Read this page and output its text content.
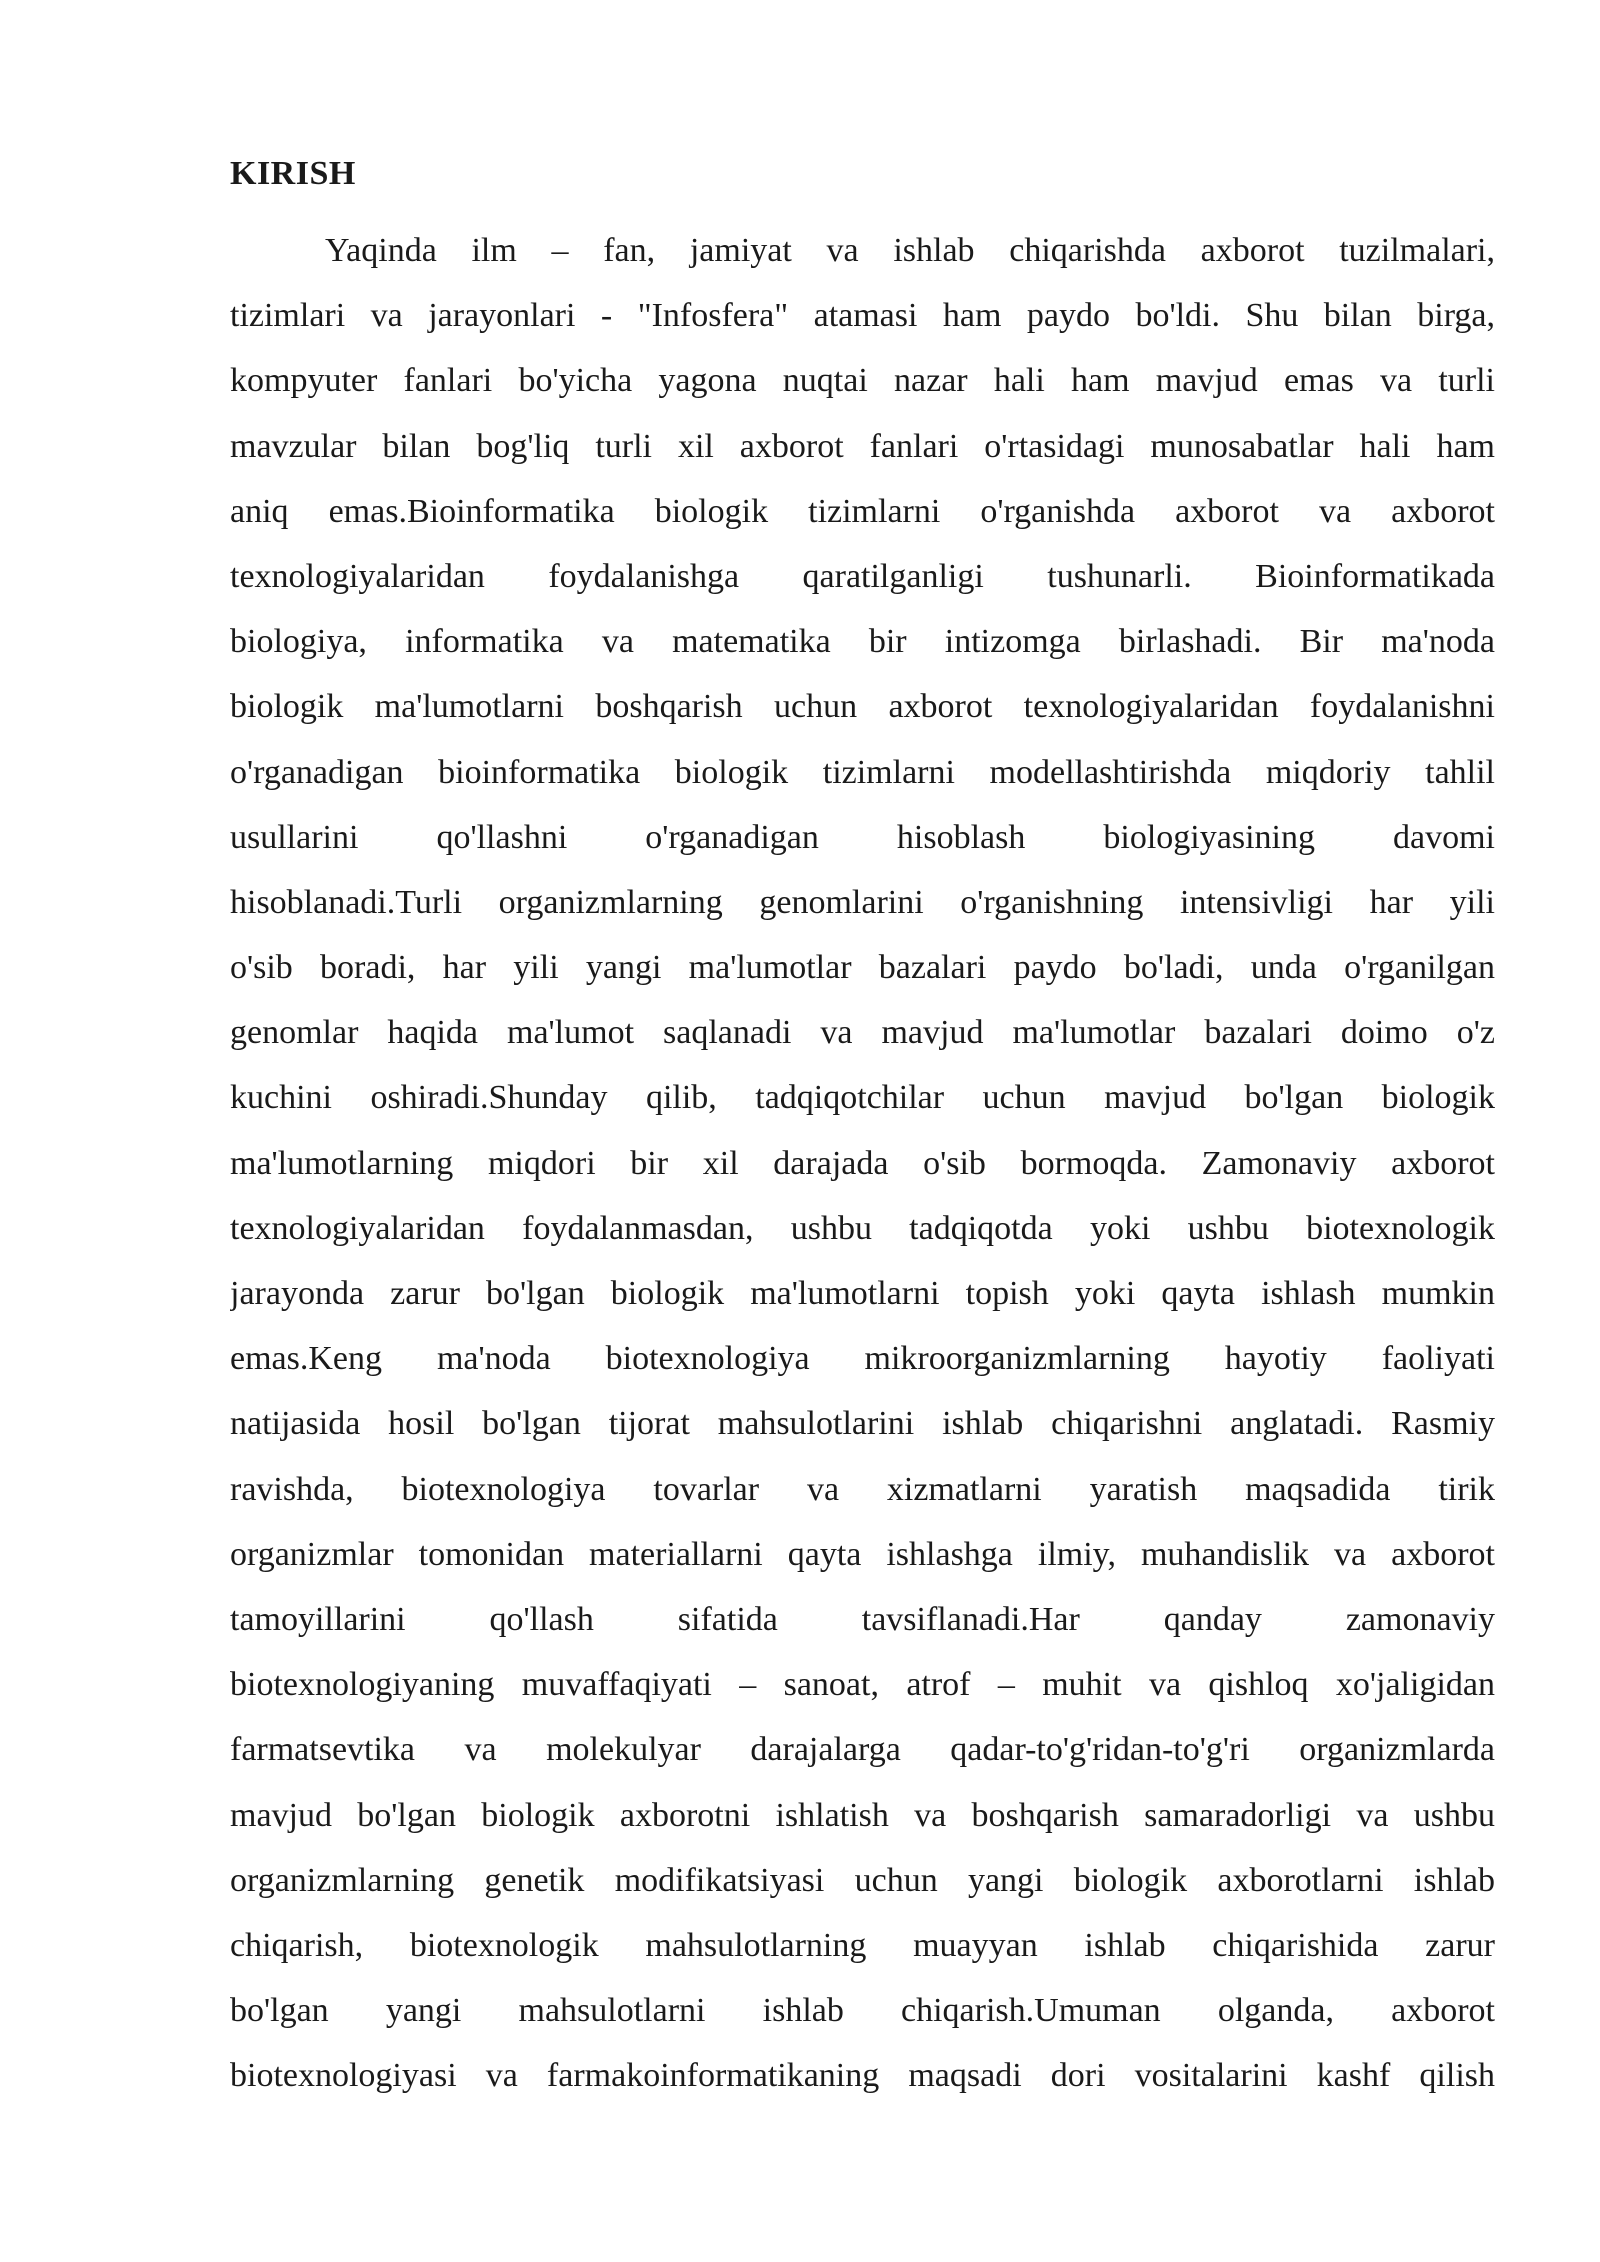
KIRISH
Yaqinda ilm – fan, jamiyat va ishlab chiqarishda axborot tuzilmalari,
tizimlari va jarayonlari - "Infosfera" atamasi ham paydo bo'ldi. Shu bilan birga,
kompyuter fanlari bo'yicha yagona nuqtai nazar hali ham mavjud emas va turli
mavzular bilan bog'liq turli xil axborot fanlari o'rtasidagi munosabatlar hali ham
aniq emas.Bioinformatika biologik tizimlarni o'rganishda axborot va axborot
texnologiyalaridan foydalanishga qaratilganligi tushunarli. Bioinformatikada
biologiya, informatika va matematika bir intizomga birlashadi. Bir ma'noda
biologik ma'lumotlarni boshqarish uchun axborot texnologiyalaridan foydalanishni
o'rganadigan bioinformatika biologik tizimlarni modellashtirishda miqdoriy tahlil
usullarini qo'llashni o'rganadigan hisoblash biologiyasining davomi
hisoblanadi.Turli organizmlarning genomlarini o'rganishning intensivligi har yili
o'sib boradi, har yili yangi ma'lumotlar bazalari paydo bo'ladi, unda o'rganilgan
genomlar haqida ma'lumot saqlanadi va mavjud ma'lumotlar bazalari doimo o'z
kuchini oshiradi.Shunday qilib, tadqiqotchilar uchun mavjud bo'lgan biologik
ma'lumotlarning miqdori bir xil darajada o'sib bormoqda. Zamonaviy axborot
texnologiyalaridan foydalanmasdan, ushbu tadqiqotda yoki ushbu biotexnologik
jarayonda zarur bo'lgan biologik ma'lumotlarni topish yoki qayta ishlash mumkin
emas.Keng ma'noda biotexnologiya mikroorganizmlarning hayotiy faoliyati
natijasida hosil bo'lgan tijorat mahsulotlarini ishlab chiqarishni anglatadi. Rasmiy
ravishda, biotexnologiya tovarlar va xizmatlarni yaratish maqsadida tirik
organizmlar tomonidan materiallarni qayta ishlashga ilmiy, muhandislik va axborot
tamoyillarini qo'llash sifatida tavsiflanadi.Har qanday zamonaviy
biotexnologiyaning muvaffaqiyati – sanoat, atrof – muhit va qishloq xo'jaligidan
farmatsevtika va molekulyar darajalarga qadar-to'g'ridan-to'g'ri organizmlarda
mavjud bo'lgan biologik axborotni ishlatish va boshqarish samaradorligi va ushbu
organizmlarning genetik modifikatsiyasi uchun yangi biologik axborotlarni ishlab
chiqarish, biotexnologik mahsulotlarning muayyan ishlab chiqarishida zarur
bo'lgan yangi mahsulotlarni ishlab chiqarish.Umuman olganda, axborot
biotexnologiyasi va farmakoinformatikaning maqsadi dori vositalarini kashf qilish
